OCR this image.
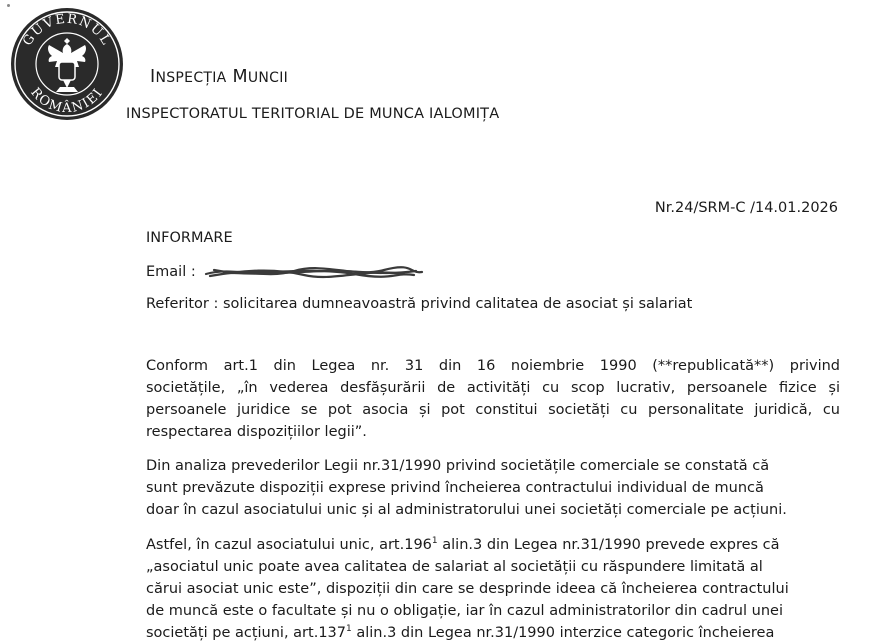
GUVERNUL
ROMÂNIEI
INSPECȚIA MUNCII
INSPECTORATUL TERITORIAL DE MUNCA IALOMIȚA
Nr.24/SRM-C /14.01.2026
INFORMARE
Email :
Referitor : solicitarea dumneavoastră privind calitatea de asociat și salariat
Conform art.1 din Legea nr. 31 din 16 noiembrie 1990 (**republicată**) privind
societățile, „în vederea desfășurării de activități cu scop lucrativ, persoanele fizice și
persoanele juridice se pot asocia și pot constitui societăți cu personalitate juridică, cu
respectarea dispozițiilor legii”.
Din analiza prevederilor Legii nr.31/1990 privind societățile comerciale se constată că
sunt prevăzute dispoziții exprese privind încheierea contractului individual de muncă
doar în cazul asociatului unic și al administratorului unei societăți comerciale pe acțiuni.
Astfel, în cazul asociatului unic, art.196$^1$ alin.3 din Legea nr.31/1990 prevede expres că
„asociatul unic poate avea calitatea de salariat al societății cu răspundere limitată al
cărui asociat unic este”, dispoziții din care se desprinde ideea că încheierea contractului
de muncă este o facultate și nu o obligație, iar în cazul administratorilor din cadrul unei
societăți pe acțiuni, art.137$^1$ alin.3 din Legea nr.31/1990 interzice categoric încheierea
